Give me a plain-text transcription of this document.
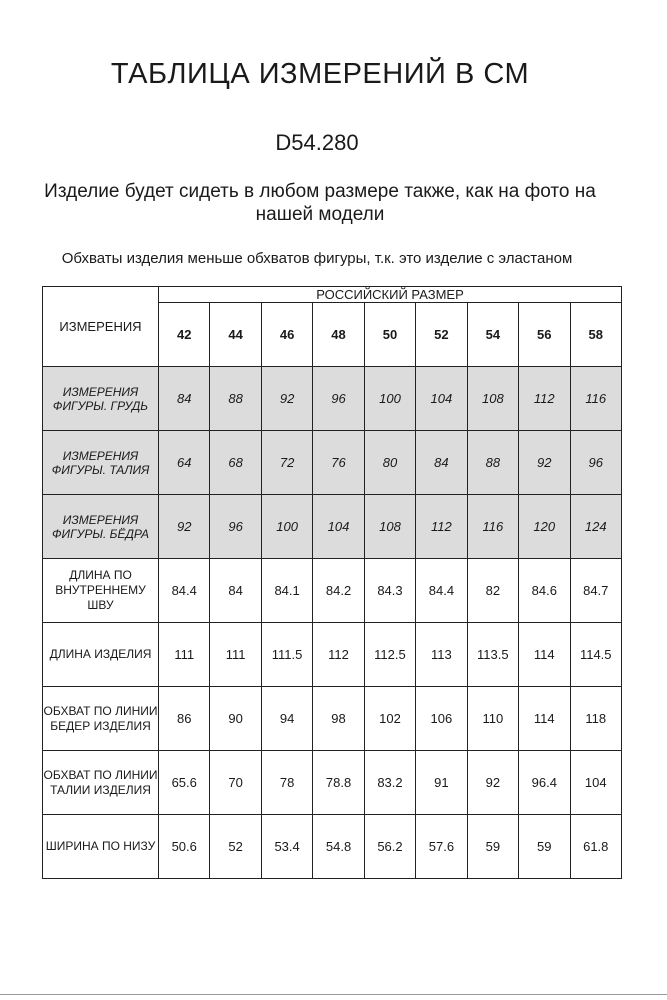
ТАБЛИЦА ИЗМЕРЕНИЙ В СМ
D54.280
Изделие будет сидеть в любом размере также, как на фото на нашей модели
Обхваты изделия меньше обхватов фигуры, т.к. это изделие с эластаном
ИЗМЕРЕНИЯ	РОССИЙСКИЙ РАЗМЕР								
	42	44	46	48	50	52	54	56	58
ИЗМЕРЕНИЯ ФИГУРЫ. ГРУДЬ	84	88	92	96	100	104	108	112	116
ИЗМЕРЕНИЯ ФИГУРЫ. ТАЛИЯ	64	68	72	76	80	84	88	92	96
ИЗМЕРЕНИЯ ФИГУРЫ. БЁДРА	92	96	100	104	108	112	116	120	124
ДЛИНА ПО ВНУТРЕННЕМУ ШВУ	84.4	84	84.1	84.2	84.3	84.4	82	84.6	84.7
ДЛИНА ИЗДЕЛИЯ	111	111	111.5	112	112.5	113	113.5	114	114.5
ОБХВАТ ПО ЛИНИИ БЕДЕР ИЗДЕЛИЯ	86	90	94	98	102	106	110	114	118
ОБХВАТ ПО ЛИНИИ ТАЛИИ ИЗДЕЛИЯ	65.6	70	78	78.8	83.2	91	92	96.4	104
ШИРИНА ПО НИЗУ	50.6	52	53.4	54.8	56.2	57.6	59	59	61.8
